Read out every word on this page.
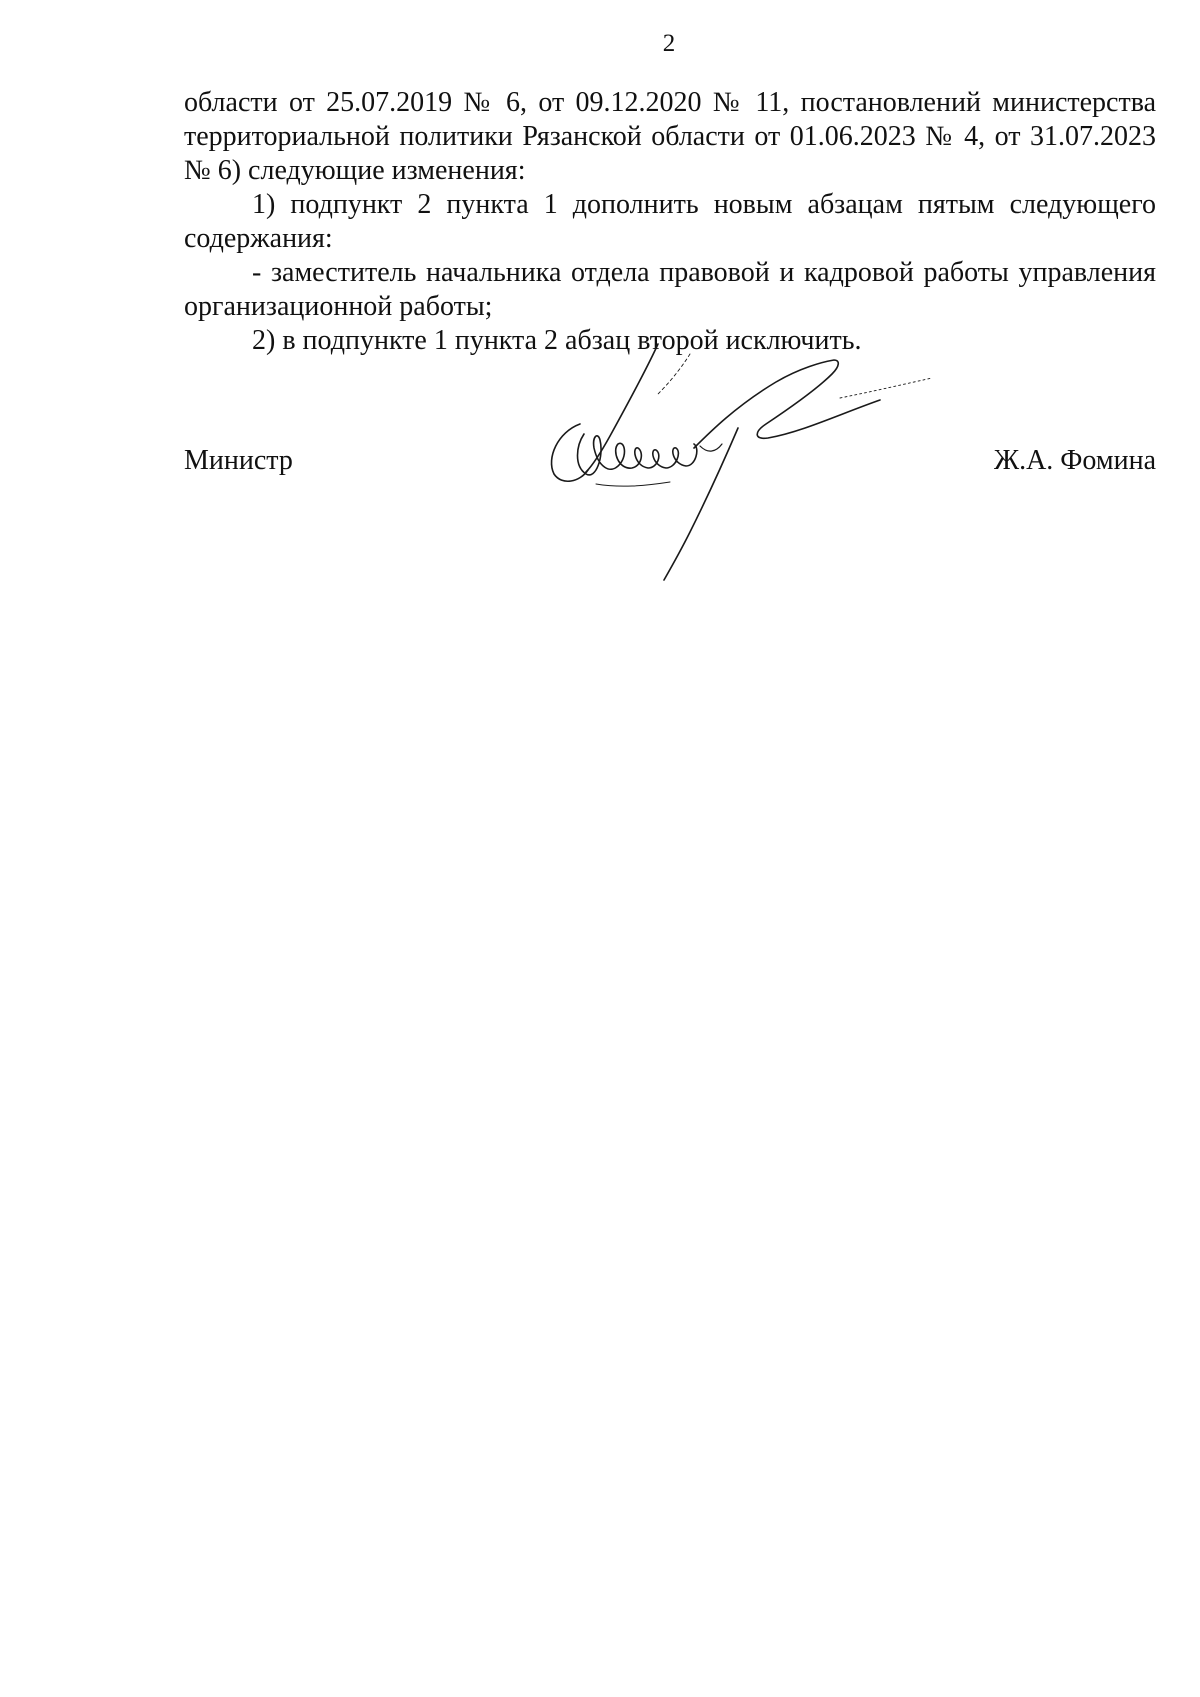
2

области от 25.07.2019 № 6, от 09.12.2020 № 11, постановлений министерства территориальной политики Рязанской области от 01.06.2023 № 4, от 31.07.2023 № 6) следующие изменения:

1) подпункт 2 пункта 1 дополнить новым абзацам пятым следующего содержания:

- заместитель начальника отдела правовой и кадровой работы управления организационной работы;

2) в подпункте 1 пункта 2 абзац второй исключить.

Министр	Ж.А. Фомина
